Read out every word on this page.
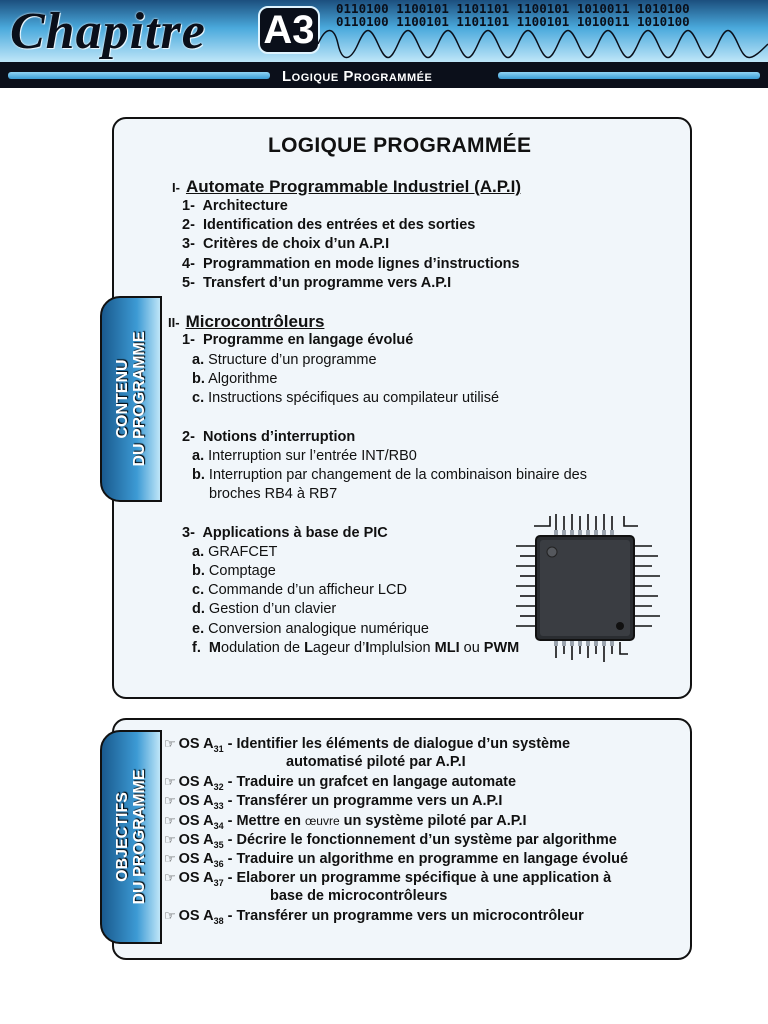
Chapitre A3	0110100 1100101 1101101 1100101 1010011 1010100
0110100 1100101 1101101 1100101 1010011 1010100
Logique Programmée
CONTENU DU PROGRAMME
LOGIQUE PROGRAMMÉE
I- Automate Programmable Industriel (A.P.I)
1- Architecture
2- Identification des entrées et des sorties
3- Critères de choix d’un A.P.I
4- Programmation en mode lignes d’instructions
5- Transfert d’un programme vers A.P.I
II- Microcontrôleurs
1- Programme en langage évolué
a. Structure d’un programme
b. Algorithme
c. Instructions spécifiques au compilateur utilisé
2- Notions d’interruption
a. Interruption sur l’entrée INT/RB0
b. Interruption par changement de la combinaison binaire des
broches RB4 à RB7
3- Applications à base de PIC
a. GRAFCET
b. Comptage
c. Commande d’un afficheur LCD
d. Gestion d’un clavier
e. Conversion analogique numérique
f. Modulation de Lageur d’Implulsion MLI ou PWM
OBJECTIFS DU PROGRAMME
☞ OS $A_{31}$ - Identifier les éléments de dialogue d’un système
automatisé piloté par A.P.I
☞ OS $A_{32}$ - Traduire un grafcet en langage automate
☞ OS $A_{33}$ - Transférer un programme vers un A.P.I
☞ OS $A_{34}$ - Mettre en œuvre un système piloté par A.P.I
☞ OS $A_{35}$ - Décrire le fonctionnement d’un système par algorithme
☞ OS $A_{36}$ - Traduire un algorithme en programme en langage évolué
☞ OS $A_{37}$ - Elaborer un programme spécifique à une application à
base de microcontrôleurs
☞ OS $A_{38}$ - Transférer un programme vers un microcontrôleur
